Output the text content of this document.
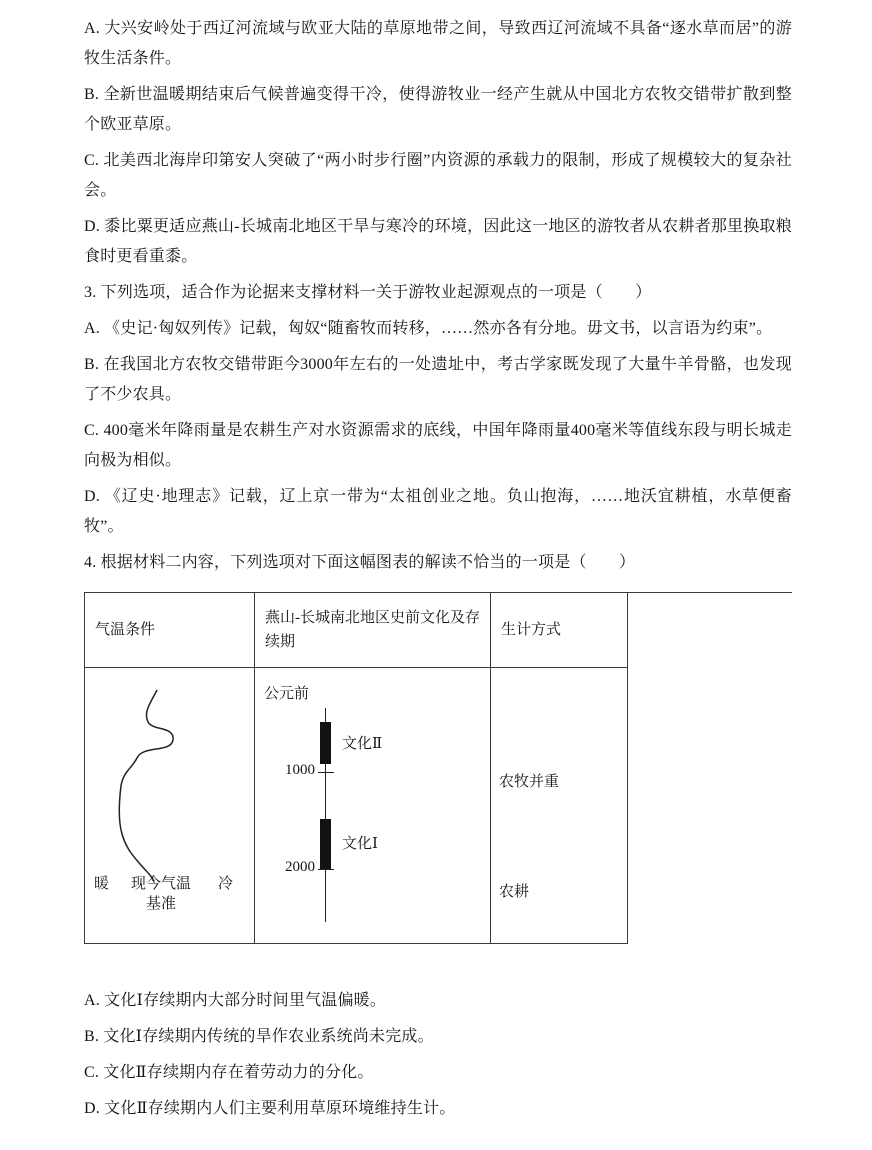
A. 大兴安岭处于西辽河流域与欧亚大陆的草原地带之间，导致西辽河流域不具备“逐水草而居”的游牧生活条件。

B. 全新世温暖期结束后气候普遍变得干冷，使得游牧业一经产生就从中国北方农牧交错带扩散到整个欧亚草原。

C. 北美西北海岸印第安人突破了“两小时步行圈”内资源的承载力的限制，形成了规模较大的复杂社会。

D. 黍比粟更适应燕山-长城南北地区干旱与寒冷的环境，因此这一地区的游牧者从农耕者那里换取粮食时更看重黍。

3. 下列选项，适合作为论据来支撑材料一关于游牧业起源观点的一项是（　　）

A. 《史记·匈奴列传》记载，匈奴“随畜牧而转移，……然亦各有分地。毋文书，以言语为约束”。

B. 在我国北方农牧交错带距今3000年左右的一处遗址中，考古学家既发现了大量牛羊骨骼，也发现了不少农具。

C. 400毫米年降雨量是农耕生产对水资源需求的底线，中国年降雨量400毫米等值线东段与明长城走向极为相似。

D. 《辽史·地理志》记载，辽上京一带为“太祖创业之地。负山抱海，……地沃宜耕植，水草便畜牧”。

4. 根据材料二内容，下列选项对下面这幅图表的解读不恰当的一项是（　　）

气温条件
燕山-长城南北地区史前文化及存续期
生计方式
暖	现今气温
基准
冷
公元前
文化Ⅱ
1000
文化Ⅰ
2000
农牧并重
农耕

A. 文化Ⅰ存续期内大部分时间里气温偏暖。

B. 文化Ⅰ存续期内传统的旱作农业系统尚未完成。

C. 文化Ⅱ存续期内存在着劳动力的分化。

D. 文化Ⅱ存续期内人们主要利用草原环境维持生计。
